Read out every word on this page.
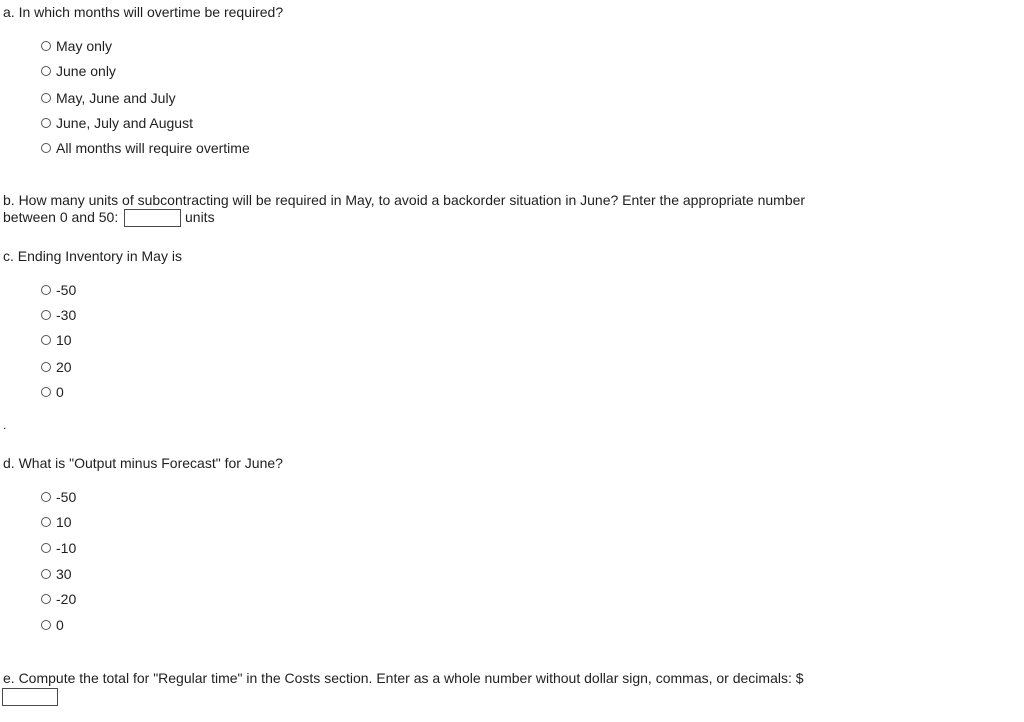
a. In which months will overtime be required?
May only
June only
May, June and July
June, July and August
All months will require overtime
b. How many units of subcontracting will be required in May, to avoid a backorder situation in June? Enter the appropriate number
between 0 and 50:	units
c. Ending Inventory in May is
-50
-30
10
20
0
.
d. What is "Output minus Forecast" for June?
-50
10
-10
30
-20
0
e. Compute the total for "Regular time" in the Costs section. Enter as a whole number without dollar sign, commas, or decimals: $
